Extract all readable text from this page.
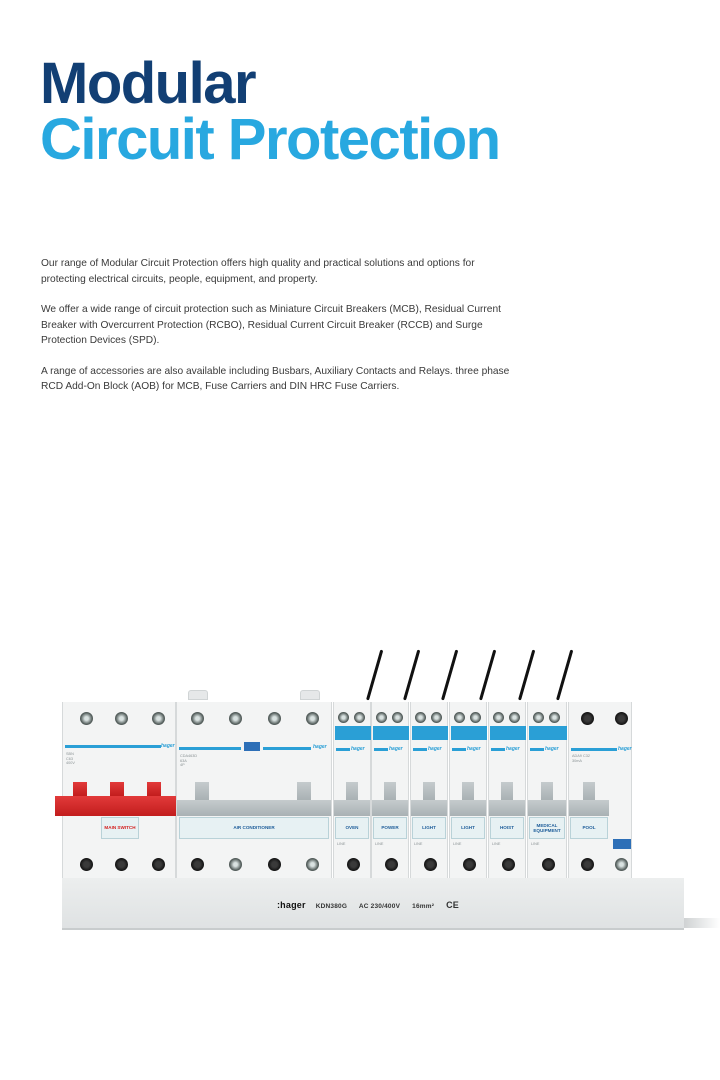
Modular
Circuit Protection

Our range of Modular Circuit Protection offers high quality and practical solutions and options for protecting electrical circuits, people, equipment, and property.

We offer a wide range of circuit protection such as Miniature Circuit Breakers (MCB), Residual Current Breaker with Overcurrent Protection (RCBO), Residual Current Circuit Breaker (RCCB) and Surge Protection Devices (SPD).

A range of accessories are also available including Busbars, Auxiliary Contacts and Relays. three phase RCD Add-On Block (AOB) for MCB, Fuse Carriers and DIN HRC Fuse Carriers.

hager
SBN
C63
400V
MAIN SWITCH
hager
CDA463D
63A
4P
AIR CONDITIONER
hager
OVEN
LINE
hager
POWER
LINE
hager
LIGHT
LINE
hager
LIGHT
LINE
hager
HOIST
LINE
hager
MEDICAL EQUIPMENT
LINE
hager
ADA9 C32
30mA
POOL
:hager KDN380G AC 230/400V 16mm² CE
